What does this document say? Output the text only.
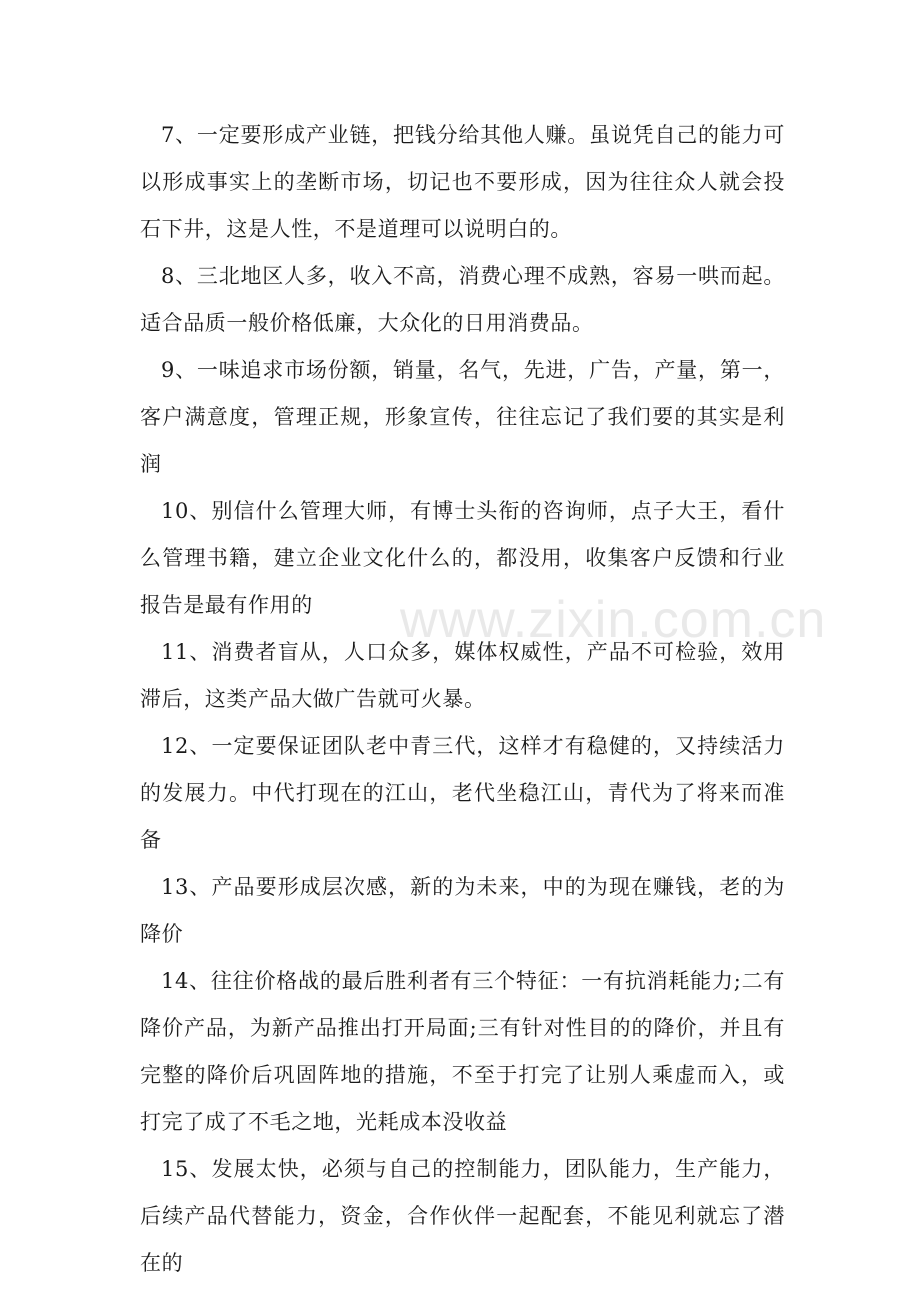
7、一定要形成产业链，把钱分给其他人赚。虽说凭自己的能力可以形成事实上的垄断市场，切记也不要形成，因为往往众人就会投石下井，这是人性，不是道理可以说明白的。

8、三北地区人多，收入不高，消费心理不成熟，容易一哄而起。适合品质一般价格低廉，大众化的日用消费品。

9、一味追求市场份额，销量，名气，先进，广告，产量，第一，客户满意度，管理正规，形象宣传，往往忘记了我们要的其实是利润

10、别信什么管理大师，有博士头衔的咨询师，点子大王，看什么管理书籍，建立企业文化什么的，都没用，收集客户反馈和行业报告是最有作用的

11、消费者盲从，人口众多，媒体权威性，产品不可检验，效用滞后，这类产品大做广告就可火暴。

12、一定要保证团队老中青三代，这样才有稳健的，又持续活力的发展力。中代打现在的江山，老代坐稳江山，青代为了将来而准备

13、产品要形成层次感，新的为未来，中的为现在赚钱，老的为降价

14、往往价格战的最后胜利者有三个特征：一有抗消耗能力;二有降价产品，为新产品推出打开局面;三有针对性目的的降价，并且有完整的降价后巩固阵地的措施，不至于打完了让别人乘虚而入，或打完了成了不毛之地，光耗成本没收益

15、发展太快，必须与自己的控制能力，团队能力，生产能力，后续产品代替能力，资金，合作伙伴一起配套，不能见利就忘了潜在的

www.zixin.com.cn
